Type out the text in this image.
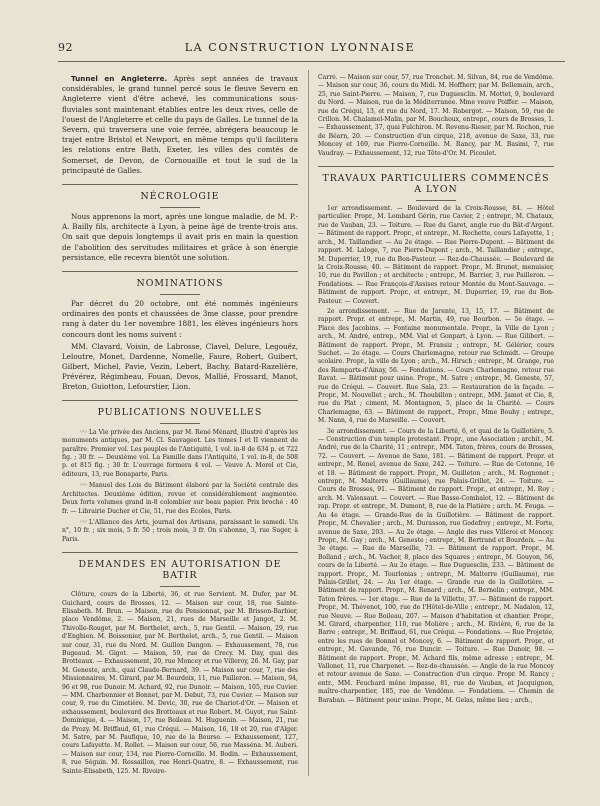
92	LA CONSTRUCTION LYONNAISE

Tunnel en Angleterre. Après sept années de travaux considérables, le grand tunnel percé sous le fleuve Severn en Angleterre vient d'être achevé, les communications sous-fluviales sont maintenant établies entre les deux rives, celle de l'ouest de l'Angleterre et celle du pays de Galles. Le tunnel de la Severn, qui traversera une voie ferrée, abrégera beaucoup le trajet entre Bristol et Newport, en même temps qu'il facilitera les relations entre Bath, Exeter, les villes des comtés de Somerset, de Devon, de Cornouaille et tout le sud de la principauté de Galles.

NÉCROLOGIE

Nous apprenons la mort, après une longue maladie, de M. P.-A. Bailly fils, architecte à Lyon, à peine âgé de trente-trois ans. On sait que depuis longtemps il avait pris en main la question de l'abolition des servitudes militaires et grâce à son énergie persistance, elle recevra bientôt une solution.

NOMINATIONS

Par décret du 20 octobre, ont été nommés ingénieurs ordinaires des ponts et chaussées de 3me classe, pour prendre rang à dater du 1er novembre 1881, les élèves ingénieurs hors concours dont les noms suivent :

MM. Clavard, Voisin, de Labrosse, Clavel, Delure, Legouëz, Leloutre, Monet, Dardenne, Nomelle, Faure, Robert, Guibert, Gilbert, Michel, Pavie, Vezin, Lebert, Bachy, Batard-Razelière, Prévérez, Régimbeau, Fouan, Devos, Mallié, Frossard, Manot, Breton, Guiotton, Lefourstier, Lion.

PUBLICATIONS NOUVELLES

〰 La Vie privée des Anciens, par M. René Ménard, illustré d'après les monuments antiques, par M. Cl. Sauvageot. Les tomes I et II viennent de paraître. Premier vol. Les peuples de l'Antiquité, 1 vol. in-8 de 634 p. et 722 fig. ; 30 fr. — Deuxième vol. La Famille dans l'Antiquité, 1 vol. in-8, de 508 p. et 815 fig. ; 30 fr. L'ouvrage formera 4 vol. — Veuve A. Morel et Cie, éditeurs, 13, rue Bonaparte, Paris.

〰 Manuel des Lois du Bâtiment élaboré par la Société centrale des Architectes. Deuxième édition, revue et considérablement augmentée. Deux forts volumes grand in-8 colombier sur beau papier. Prix broché : 40 fr. — Librairie Ducher et Cie, 51, rue des Écoles, Paris.

〰 L'Alliance des Arts, journal des Artisans, paraissant le samedi. Un n°, 10 fr. ; six mois, 5 fr. 50 ; trois mois, 3 fr. On s'abonne, 3, rue Suger, à Paris.

DEMANDES EN AUTORISATION DE BATIR

Clôture, cours de la Liberté, 36, et rue Servient. M. Dufer, par M. Guichard, cours de Brosses, 12. — Maison sur cour, 18, rue Sainte-Elisabeth. M. Brun. — Maison, rue du Pensionnat, par M. Brisson-Barbier, place Vendôme, 2. — Maison, 21, rues de Marseille et Jangot, 2. M. Thivolle-Rouget, par M. Berthelet, arch., 5, rue Gentil. — Maison, 29, rue d'Enghien. M. Boissonier, par M. Berthelet, arch., 5, rue Gentil. — Maison sur cour, 31, rue du Nord. M. Guillon Dangon. — Exhaussement, 78, rue Bugeaud. M. Gigot. — Maison, 59, rue de Crecy. M. Day, quai des Brotteaux. — Exhaussement, 20, rue Moncey et rue Villeroy, 26. M. Gay, par M. Geneste, arch., quai Claude-Bernard, 39. — Maison sur cour, 7, rue des Missionnaires, M. Girard, par M. Bourdeix, 11, rue Pailleron. — Maison, 94, 96 et 98, rue Dunoir. M. Achard, 92, rue Dunoir. — Maison, 105, rue Cuvier. — MM. Charbonnier et Bonnet, par M. Debut, 73, rue Cuvier. — Maison sur cour, 9, rue du Cimetière. M. Devic, 30, rue de Chariot-d'Or. — Maison et exhaussement, boulevard des Brotteaux et rue Robert. M. Guyot, rue Saint-Dominique, 4. — Maison, 17, rue Boileau. M. Huguenin. — Maison, 21, rue de Prozy. M. Briffaud, 61, rue Créqui. — Maison, 16, 18 et 20, rue d'Alger. M. Satre, par M. Paufique, 10, rue de la Bourse. — Exhaussement, 127, cours Lafayette. M. Rollet. — Maison sur cour, 56, rue Masséna. M. Auberi. — Maison sur cour, 134, rue Pierre-Corneille. M. Bodin. — Exhaussement, 8, rue Séguin. M. Rossaillon, rue Henri-Quatre, 8. — Exhaussement, rue Sainte-Élisabeth, 125. M. Rivoire-

Carré. — Maison sur cour, 57, rue Tronchet. M. Silvan, 84, rue de Vendôme. — Maison sur cour, 36, cours du Midi. M. Hoffherr, par M. Bellemain, arch., 25, rue Saint-Pierre. — Maison, 7, rue Duguesclin. M. Mottet, 9, boulevard du Nord. — Maison, rue de la Méditerranée. Mme veuve Poiffer. — Maison, rue de Créqui, 13, et rue du Nord, 17. M. Robergot. — Maison, 59, rue de Crillon. M. Chalamel-Malin, par M. Bouchoux, entrepr., cours de Brosses, 1. — Exhaussement, 37, quai Fulchiron. M. Revenu-Rieser, par M. Rochon, rue de Béarn, 20. — Construction d'un cirque, 218, avenue de Saxe, 33, rue Moncey et 169, rue Pierre-Corneille. M. Rancy, par M. Basimi, 7, rue Vaudray. — Exhaussement, 12, rue Tête-d'Or. M. Picoulet.

TRAVAUX PARTICULIERS COMMENCÉS A LYON

1er arrondissement. — Boulevard de la Croix-Rousse, 84. — Hôtel particulier. Propr., M. Lombard Gérin, rue Cavier, 2 ; entrepr., M. Chataux, rue de Vauban, 23. — Toiture. — Rue du Garet, angle rue du Bât-d'Argent. — Bâtiment de rapport. Propr., et entrepr., M. Rochette, cours Lafayette, 1 ; arch., M. Taillandier. — Au 2e étage. — Rue Pierre-Dupont. — Bâtiment de rapport. M. Laloge, 7, rue Pierre-Dupont ; arch., M. Taillandier ; entrepr., M. Duperrier, 19, rue du Bon-Pasteur. — Rez-de-Chaussée. — Boulevard de la Croix-Rousse, 40. — Bâtiment de rapport. Propr., M. Brunet, menuisier, 10, rue du Pavillon ; et architecte ; entrepr., M. Barrier, 3, rue Pailleron. — Fondations. — Rue François-d'Assises retour Montée du Mont-Sauvage. — Bâtiment de rapport. Propr., et entrepr., M. Duperrier, 19, rue du Bon-Pasteur. — Couvert.

2e arrondissement. — Rue de Jarente, 13, 15, 17. — Bâtiment de rapport. Propr. et entrepr., M. Martin, 49, rue Bourbon. — 5e étage. — Place des Jacobins. — Fontaine monumentale. Propr., la Ville de Lyon ; arch., M. André, entrep., MM. Vial et Gonpart, à Lyon. — Rue Gilibert. — Bâtiment de rapport. Propr., M. Fransiz ; entrepr., M. Gélérier, cours Suchet. — 2e étage. — Cours Charlemagne, retour rue Schmidt. — Groupe scolaire. Propr., la ville de Lyon ; arch., M. Hirsch ; entrepr., M. Grange, rue des Remparts-d'Ainay, 56. — Fondations. — Cours Charlemagne, retour rue Ravat. — Bâtiment pour usine. Propr., M. Satre ; entrepr., M. Geneste, 57, rue de Créqui. — Couvert. Rue Sala, 23. — Restauration de la façade. — Propr., M. Nouvellet ; arch., M. Thoubillon ; entrepr., MM. Jamot et Cie, 8, rue du Plat ; ciment, M. Montagnon, 5, place de la Charité. — Cours Charlemagne, 63. — Bâtiment de rapport., Propr., Mme Bouhy ; entrepr., M. Nann, 4, rue de Marseille. — Couvert.

3e arrondissement. — Cours de la Liberté, 6, et quai de la Guillotière, 5. — Construction d'un temple protestant. Propr., une Association ; archit., M. André, rue de la Charité, 11 ; entrepr., MM. Taton, frères, cours de Brosses, 72. — Couvert. — Avenue de Saxe, 181. — Bâtiment de rapport. Propr. et entrepr., M. Renel, avenue de Saxe, 242. — Toiture. — Rue de Cotonne, 16 et 18. — Bâtiment de rapport. Propr., M. Guilleton ; arch., M. Rognonet ; entrepr., M. Malterre (Guillaume), rue Palais-Grillet, 24. — Toiture. — Cours de Brosses, 91. — Bâtiment de rapport. Propr., et entrepr., M. Roy ; arch. M. Valensaut. — Couvert. — Rue Basse-Combalot, 12. — Bâtiment de rap. Propr. et entrepr., M. Dumont, 8, rue de la Platière ; arch. M. Feuga. — Au 4e étage. — Grande-Rue de la Guillotière. — Bâtiment de rapport. Propr., M. Chevalier ; arch., M. Durasson, rue Godefroy ; entrepr., M. Forte, avenue de Saxe, 203. — Au 2e étage. — Angle des rues Villeroi et Moncey. Propr., M. Gay ; arch., M. Geneste ; entrepr., M. Bertrand et Bourdeix. — Au 3e étage. — Rue de Marseille, 73. — Bâtiment de rapport. Propr., M. Bolland ; arch., M. Vacher, 8, place des Squares ; entrepr., M. Gouyon, 56, cours de la Liberté. — Au 2e étage. — Rue Duguesclin, 233. — Bâtiment de rapport. Propr., M. Tourlonias ; entrepr., M. Malterre (Guillaume), rue Palais-Grillet, 24. — Au 1er étage. — Grande rue de la Guillotière. — Bâtiment de rapport. Propr., M. Renard ; arch., M. Bernelin ; entrepr., MM. Taton frères. — 1er étage. — Rue de la Villette, 37. — Bâtiment de rapport. Propr., M. Thévenot, 100, rue de l'Hôtel-de-Ville ; entrepr., M. Nadalon, 12, rue Neuve. — Rue Boileau, 207. — Maison d'habitation et chantier. Propr., M. Girard, charpentier, 110, rue Molière ; arch., M. Rivière, 6, rue de la Barre ; entrepr., M. Briffaud, 61, rue Créqui. — Fondations. — Rue Projetée, entre les rues de Bonnel et Moncey, 6. — Bâtiment de rapport. Propr., et entrepr., M. Gavande, 76, rue Duncir. — Toiture. — Rue Dunoir, 98. — Bâtiment de rapport. Propr., M. Achard fils, même adresse ; entrepr., M. Vallonet, 11, rue Charpenet. — Rez-de-chaussée. — Angle de la rue Moncey et retour avenue de Saxe. — Construction d'un cirque. Propr. M. Rancy ; entr., MM. Feuchard mêne impasse, 81, rue de Vauban, et Jacquignon, maître-charpentier, 185, rue de Vendôme. — Fondations. — Chemin de Baraban. — Bâtiment pour usine. Propr., M. Gelas, même lieu ; arch.,
